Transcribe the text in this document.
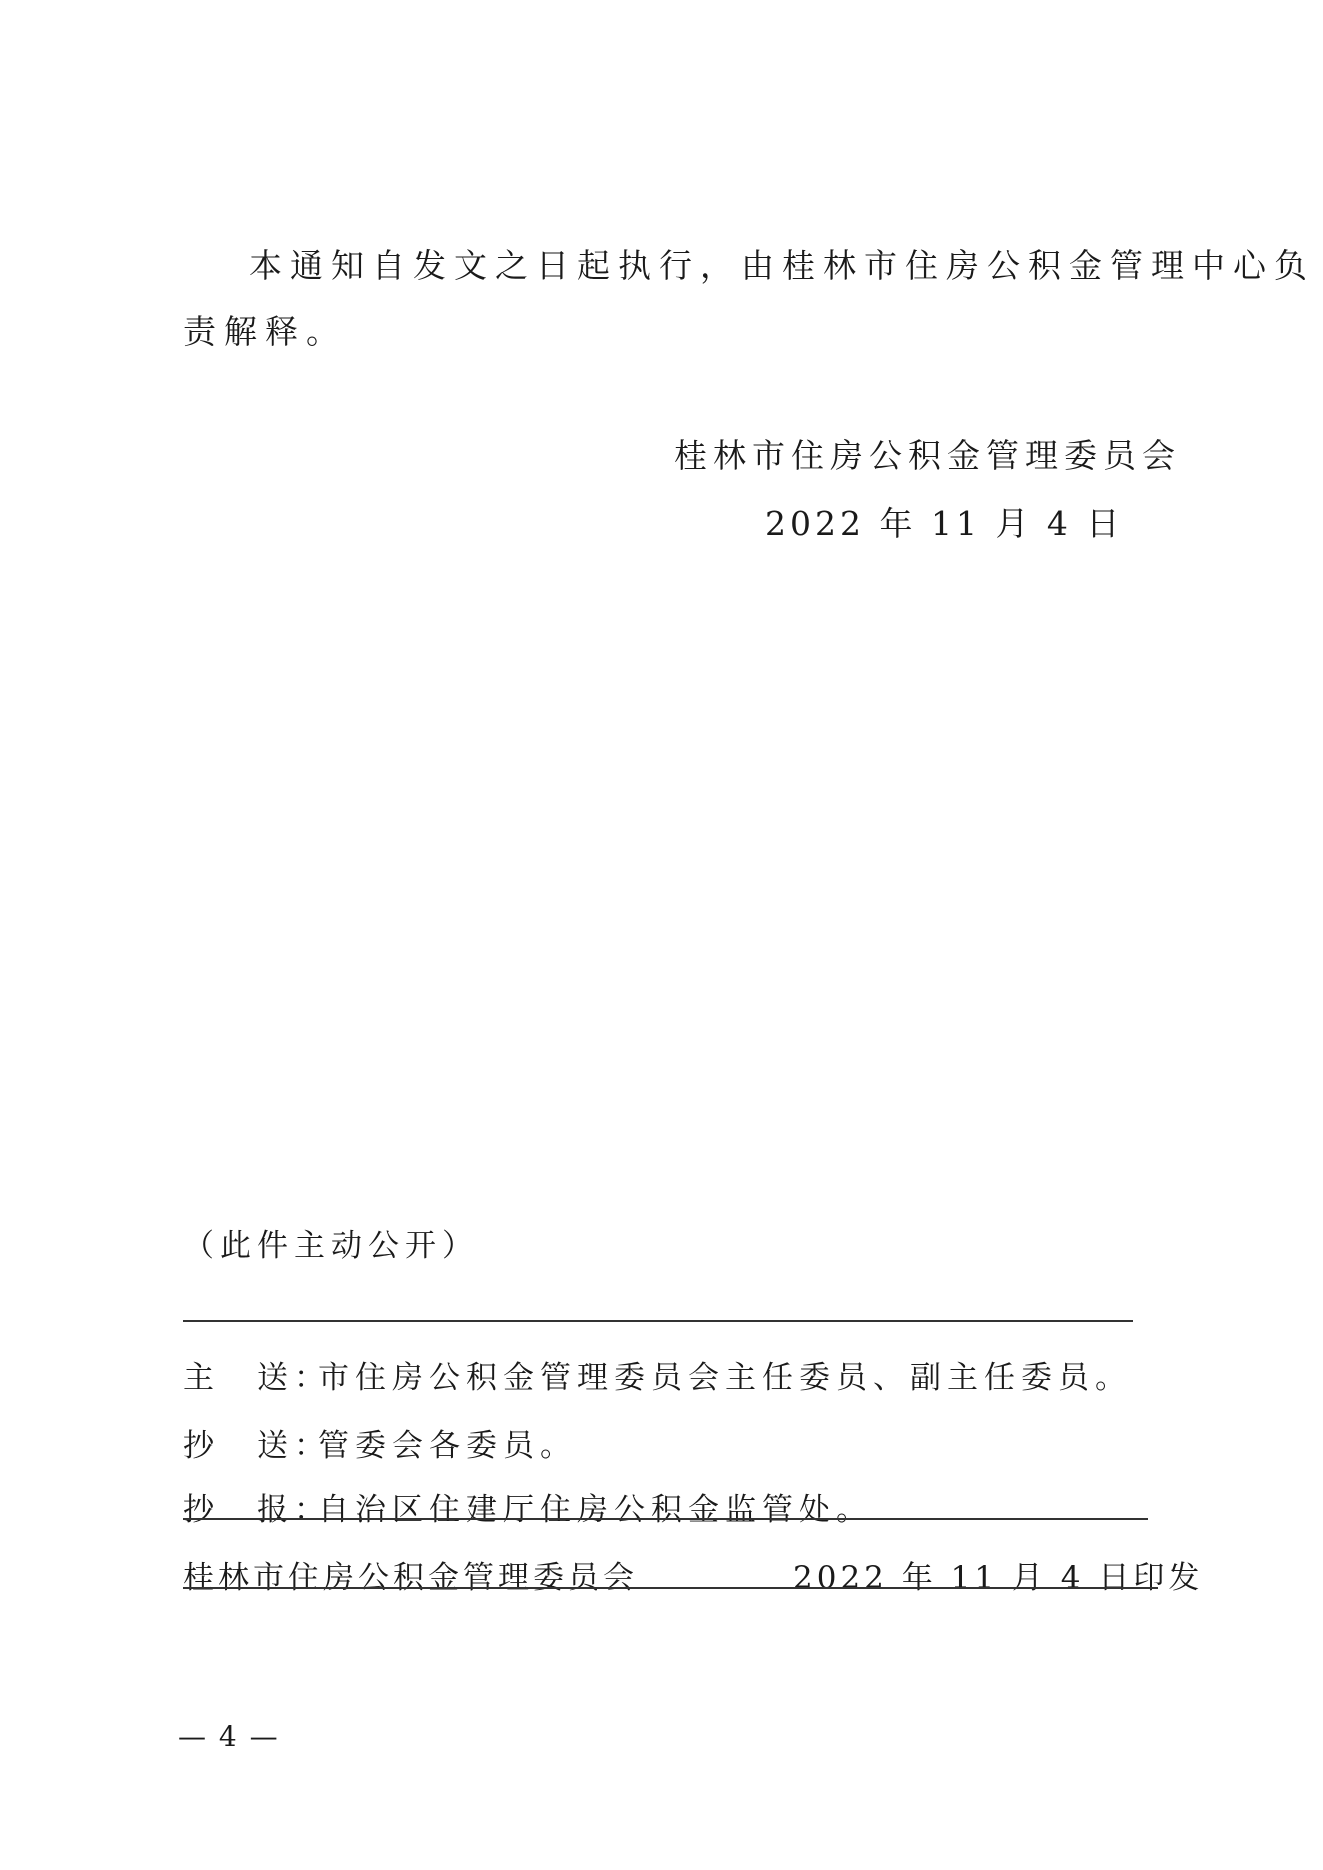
本通知自发文之日起执行，由桂林市住房公积金管理中心负
责解释。
桂林市住房公积金管理委员会
2022 年 11 月 4 日
（此件主动公开）
主　送：市住房公积金管理委员会主任委员、副主任委员。
抄　送：管委会各委员。
抄　报：自治区住建厅住房公积金监管处。
桂林市住房公积金管理委员会	2022 年 11 月 4 日印发
— 4 —
